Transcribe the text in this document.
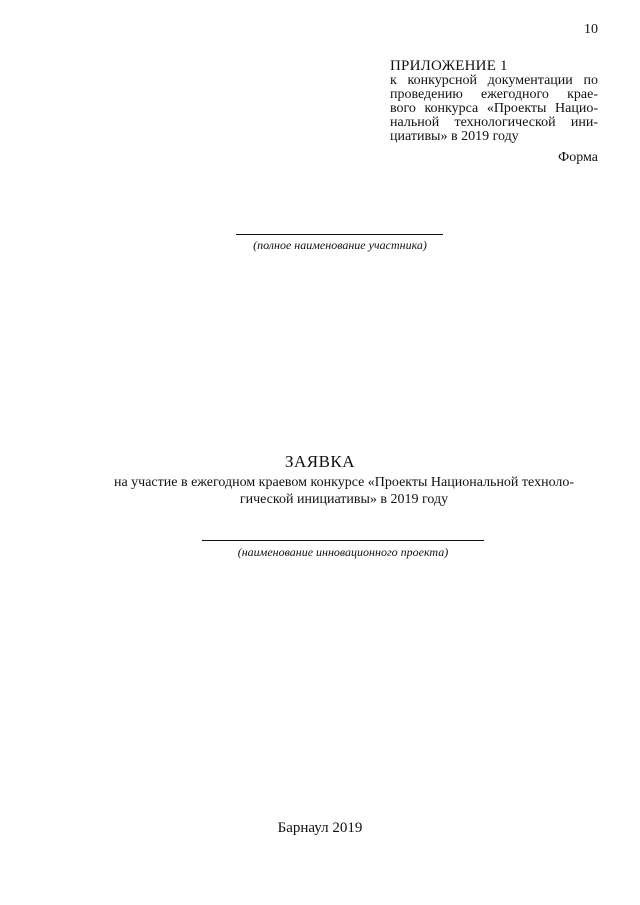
10
ПРИЛОЖЕНИЕ 1
к конкурсной документации по
проведению ежегодного крае-
вого конкурса «Проекты Нацио-
нальной технологической ини-
циативы» в 2019 году
Форма
(полное наименование участника)
ЗАЯВКА
на участие в ежегодном краевом конкурсе «Проекты Национальной техноло-
гической инициативы» в 2019 году
(наименование инновационного проекта)
Барнаул 2019
